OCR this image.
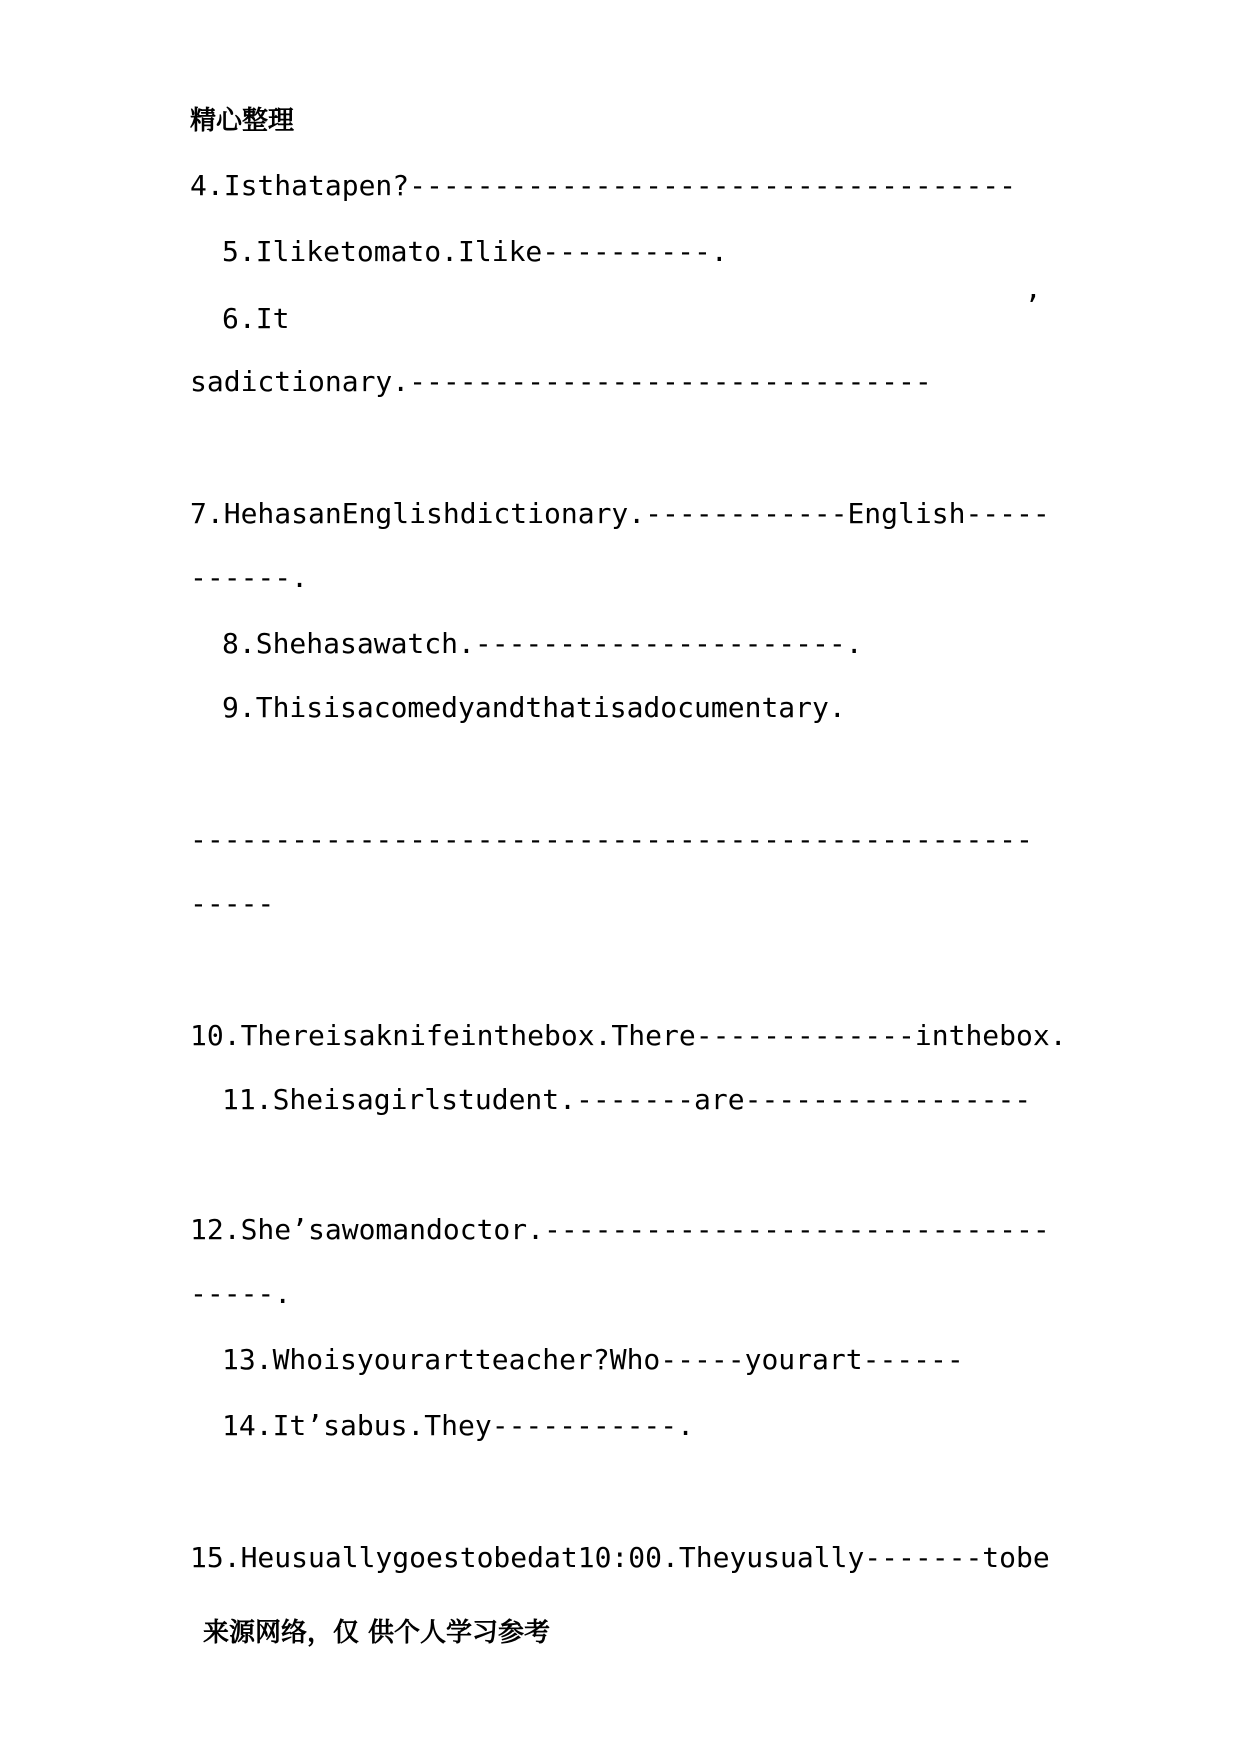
精心整理
4.Isthatapen?------------------------------------
5.Iliketomato.Ilike----------.
6.It	’
sadictionary.-------------------------------
7.HehasanEnglishdictionary.------------English-----
------.
8.Shehasawatch.----------------------.
9.Thisisacomedyandthatisadocumentary.
--------------------------------------------------
-----
10.Thereisaknifeinthebox.There-------------inthebox.
11.Sheisagirlstudent.-------are-----------------
12.She’sawomandoctor.------------------------------
-----.
13.Whoisyourartteacher?Who-----yourart------
14.It’sabus.They-----------.
15.Heusuallygoestobedat10:00.Theyusually-------tobe
来源网络，仅 供个人学习参考
